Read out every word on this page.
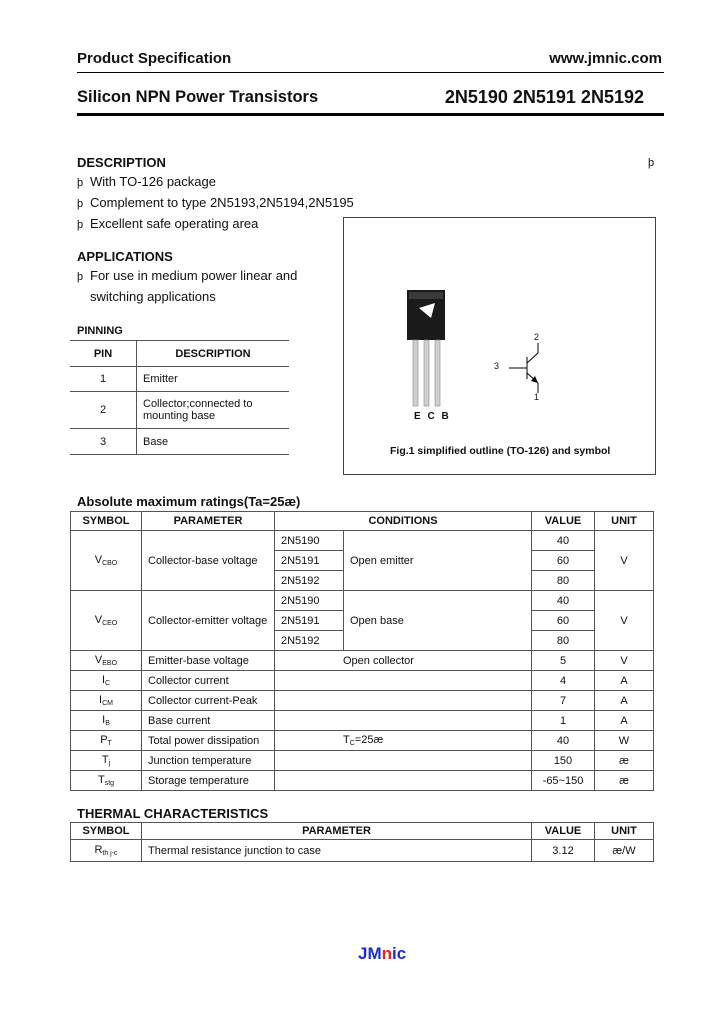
Product Specification	www.jmnic.com
Silicon NPN Power Transistors	2N5190 2N5191 2N5192
þ
DESCRIPTION
þ With TO-126 package
þ Complement to type 2N5193,2N5194,2N5195
þ Excellent safe operating area
APPLICATIONS
þ For use in medium power linear and
switching applications
PINNING
PIN	DESCRIPTION
1	Emitter
2	Collector;connected to
mounting base
3	Base
E C B
2
3
1
Fig.1 simplified outline (TO-126) and symbol
Absolute maximum ratings(Ta=25æ)
SYMBOL	PARAMETER	CONDITIONS		VALUE	UNIT
$V_{CBO}$	Collector-base voltage	2N5190	Open emitter	40	V
		2N5191		60	
		2N5192		80	
$V_{CEO}$	Collector-emitter voltage	2N5190	Open base	40	V
		2N5191		60	
		2N5192		80	
$V_{EBO}$	Emitter-base voltage	Open collector		5	V
$I_C$	Collector current			4	A
$I_{CM}$	Collector current-Peak			7	A
$I_B$	Base current			1	A
$P_T$	Total power dissipation	$T_C=25æ$		40	W
$T_j$	Junction temperature			150	æ
$T_{stg}$	Storage temperature			-65~150	æ
THERMAL CHARACTERISTICS
SYMBOL	PARAMETER	VALUE	UNIT
$R_{th j-c}$	Thermal resistance junction to case	3.12	æ/W
JMnic
